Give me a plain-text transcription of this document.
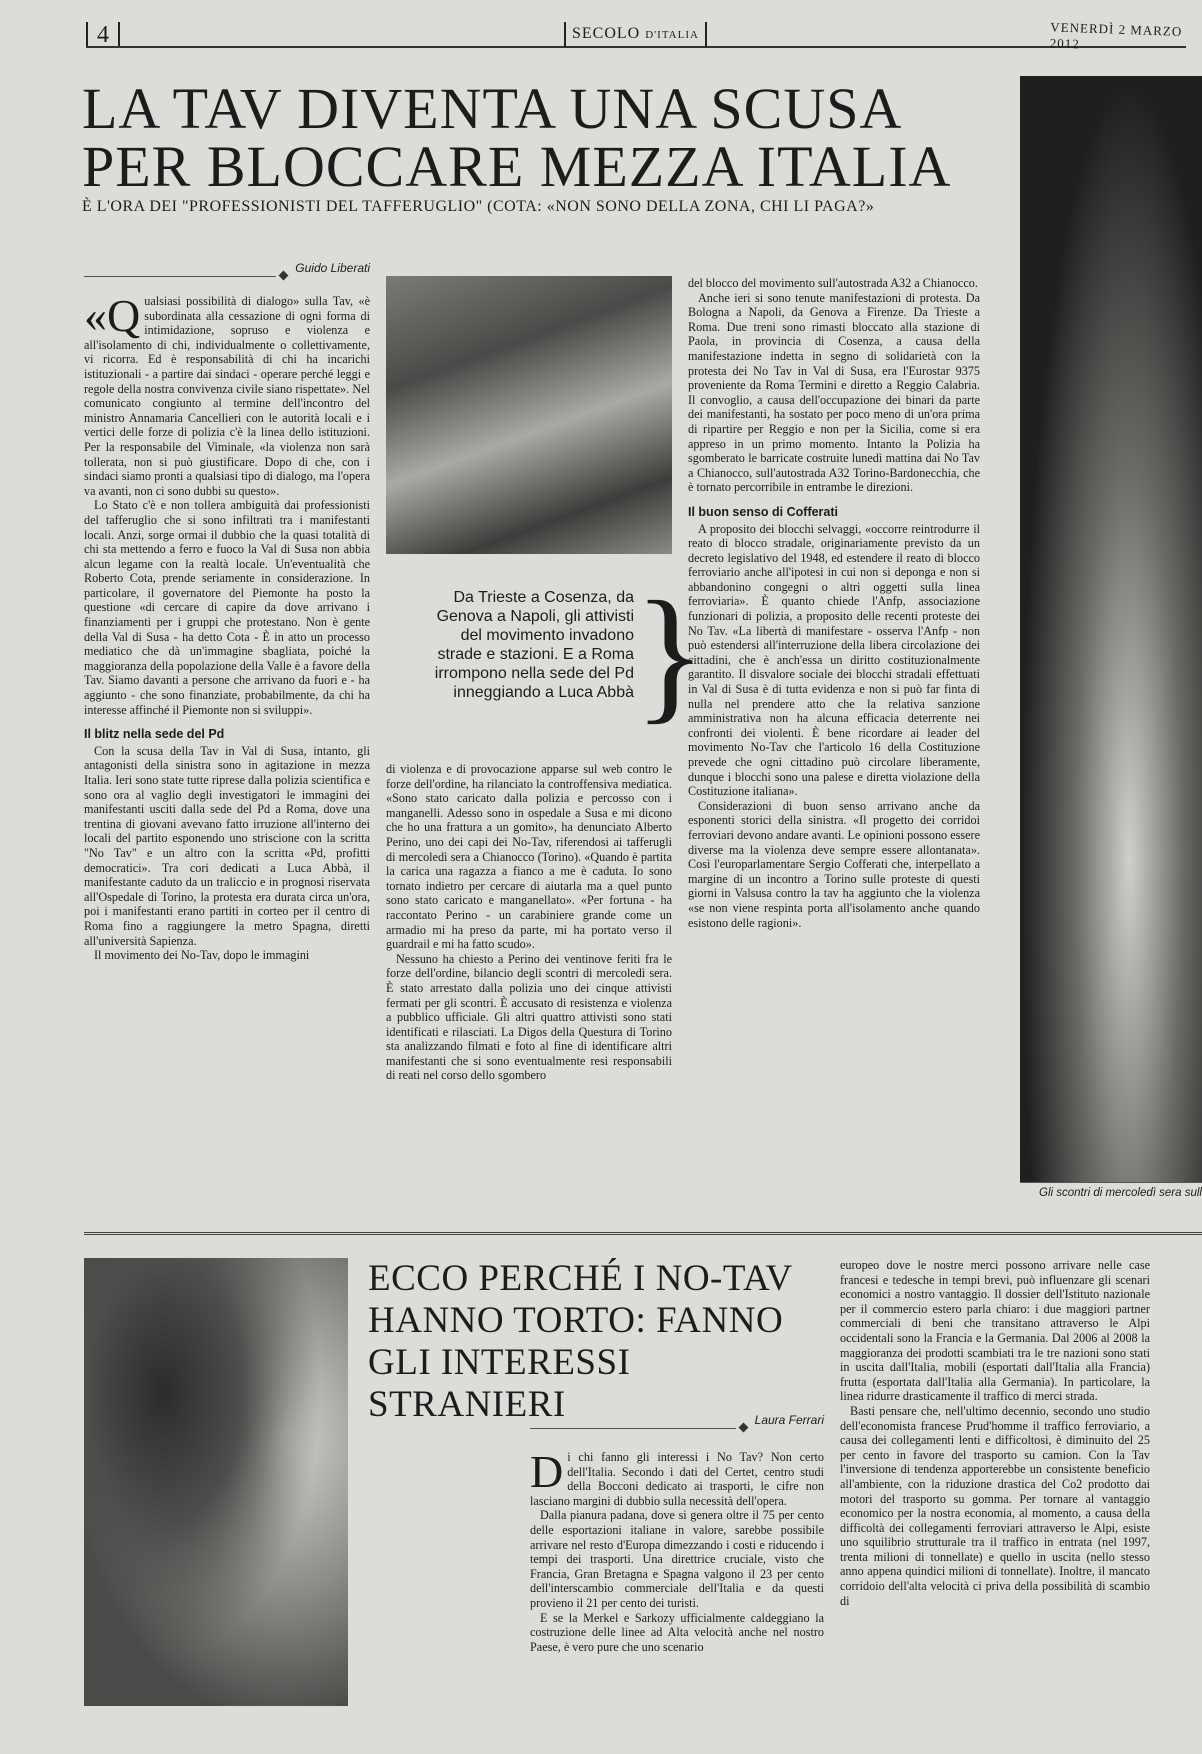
4	SECOLO D'ITALIA	VENERDÌ 2 MARZO 2012
LA TAV DIVENTA UNA SCUSA
PER BLOCCARE MEZZA ITALIA
È L'ORA DEI "PROFESSIONISTI DEL TAFFERUGLIO" (COTA: «NON SONO DELLA ZONA, CHI LI PAGA?»
Gli scontri di mercoledì sera sull
Guido Liberati
«Q ualsiasi possibilità di dialogo» sulla Tav, «è subordinata alla cessazione di ogni forma di intimidazione, sopruso e violenza e all'isolamento di chi, individualmente o collettivamente, vi ricorra. Ed è responsabilità di chi ha incarichi istituzionali - a partire dai sindaci - operare perché leggi e regole della nostra convivenza civile siano rispettate». Nel comunicato congiunto al termine dell'incontro del ministro Annamaria Cancellieri con le autorità locali e i vertici delle forze di polizia c'è la linea dello istituzioni. Per la responsabile del Viminale, «la violenza non sarà tollerata, non si può giustificare. Dopo di che, con i sindaci siamo pronti a qualsiasi tipo di dialogo, ma l'opera va avanti, non ci sono dubbi su questo».

Lo Stato c'è e non tollera ambiguità dai professionisti del tafferuglio che si sono infiltrati tra i manifestanti locali. Anzi, sorge ormai il dubbio che la quasi totalità di chi sta mettendo a ferro e fuoco la Val di Susa non abbia alcun legame con la realtà locale. Un'eventualità che Roberto Cota, prende seriamente in considerazione. In particolare, il governatore del Piemonte ha posto la questione «di cercare di capire da dove arrivano i finanziamenti per i gruppi che protestano. Non è gente della Val di Susa - ha detto Cota - È in atto un processo mediatico che dà un'immagine sbagliata, poiché la maggioranza della popolazione della Valle è a favore della Tav. Siamo davanti a persone che arrivano da fuori e - ha aggiunto - che sono finanziate, probabilmente, da chi ha interesse affinché il Piemonte non si sviluppi».

Il blitz nella sede del Pd

Con la scusa della Tav in Val di Susa, intanto, gli antagonisti della sinistra sono in agitazione in mezza Italia. Ieri sono state tutte riprese dalla polizia scientifica e sono ora al vaglio degli investigatori le immagini dei manifestanti usciti dalla sede del Pd a Roma, dove una trentina di giovani avevano fatto irruzione all'interno dei locali del partito esponendo uno striscione con la scritta "No Tav" e un altro con la scritta «Pd, profitti democratici». Tra cori dedicati a Luca Abbà, il manifestante caduto da un traliccio e in prognosi riservata all'Ospedale di Torino, la protesta era durata circa un'ora, poi i manifestanti erano partiti in corteo per il centro di Roma fino a raggiungere la metro Spagna, diretti all'università Sapienza.

Il movimento dei No-Tav, dopo le immagini

Da Trieste a Cosenza, da Genova a Napoli, gli attivisti del movimento invadono strade e stazioni. E a Roma irrompono nella sede del Pd inneggiando a Luca Abbà }

di violenza e di provocazione apparse sul web contro le forze dell'ordine, ha rilanciato la controffensiva mediatica. «Sono stato caricato dalla polizia e percosso con i manganelli. Adesso sono in ospedale a Susa e mi dicono che ho una frattura a un gomito», ha denunciato Alberto Perino, uno dei capi dei No-Tav, riferendosi ai tafferugli di mercoledì sera a Chianocco (Torino). «Quando è partita la carica una ragazza a fianco a me è caduta. Io sono tornato indietro per cercare di aiutarla ma a quel punto sono stato caricato e manganellato». «Per fortuna - ha raccontato Perino - un carabiniere grande come un armadio mi ha preso da parte, mi ha portato verso il guardrail e mi ha fatto scudo».

Nessuno ha chiesto a Perino dei ventinove feriti fra le forze dell'ordine, bilancio degli scontri di mercoledì sera. È stato arrestato dalla polizia uno dei cinque attivisti fermati per gli scontri. È accusato di resistenza e violenza a pubblico ufficiale. Gli altri quattro attivisti sono stati identificati e rilasciati. La Digos della Questura di Torino sta analizzando filmati e foto al fine di identificare altri manifestanti che si sono eventualmente resi responsabili di reati nel corso dello sgombero

del blocco del movimento sull'autostrada A32 a Chianocco.

Anche ieri si sono tenute manifestazioni di protesta. Da Bologna a Napoli, da Genova a Firenze. Da Trieste a Roma. Due treni sono rimasti bloccato alla stazione di Paola, in provincia di Cosenza, a causa della manifestazione indetta in segno di solidarietà con la protesta dei No Tav in Val di Susa, era l'Eurostar 9375 proveniente da Roma Termini e diretto a Reggio Calabria. Il convoglio, a causa dell'occupazione dei binari da parte dei manifestanti, ha sostato per poco meno di un'ora prima di ripartire per Reggio e non per la Sicilia, come si era appreso in un primo momento. Intanto la Polizia ha sgomberato le barricate costruite lunedì mattina dai No Tav a Chianocco, sull'autostrada A32 Torino-Bardonecchia, che è tornato percorribile in entrambe le direzioni.

Il buon senso di Cofferati

A proposito dei blocchi selvaggi, «occorre reintrodurre il reato di blocco stradale, originariamente previsto da un decreto legislativo del 1948, ed estendere il reato di blocco ferroviario anche all'ipotesi in cui non si deponga e non si abbandonino congegni o altri oggetti sulla linea ferroviaria». È quanto chiede l'Anfp, associazione funzionari di polizia, a proposito delle recenti proteste dei No Tav. «La libertà di manifestare - osserva l'Anfp - non può estendersi all'interruzione della libera circolazione dei cittadini, che è anch'essa un diritto costituzionalmente garantito. Il disvalore sociale dei blocchi stradali effettuati in Val di Susa è di tutta evidenza e non si può far finta di nulla nel prendere atto che la relativa sanzione amministrativa non ha alcuna efficacia deterrente nei confronti dei violenti. È bene ricordare ai leader del movimento No-Tav che l'articolo 16 della Costituzione prevede che ogni cittadino può circolare liberamente, dunque i blocchi sono una palese e diretta violazione della Costituzione italiana».

Considerazioni di buon senso arrivano anche da esponenti storici della sinistra. «Il progetto dei corridoi ferroviari devono andare avanti. Le opinioni possono essere diverse ma la violenza deve sempre essere allontanata». Così l'europarlamentare Sergio Cofferati che, interpellato a margine di un incontro a Torino sulle proteste di questi giorni in Valsusa contro la tav ha aggiunto che la violenza «se non viene respinta porta all'isolamento anche quando esistono delle ragioni».

ECCO PERCHÉ I NO-TAV HANNO TORTO: FANNO GLI INTERESSI STRANIERI	Laura Ferrari
D i chi fanno gli interessi i No Tav? Non certo dell'Italia. Secondo i dati del Certet, centro studi della Bocconi dedicato ai trasporti, le cifre non lasciano margini di dubbio sulla necessità dell'opera.

Dalla pianura padana, dove si genera oltre il 75 per cento delle esportazioni italiane in valore, sarebbe possibile arrivare nel resto d'Europa dimezzando i costi e riducendo i tempi dei trasporti. Una direttrice cruciale, visto che Francia, Gran Bretagna e Spagna valgono il 23 per cento dell'interscambio commerciale dell'Italia e da questi provieno il 21 per cento dei turisti.

E se la Merkel e Sarkozy ufficialmente caldeggiano la costruzione delle linee ad Alta velocità anche nel nostro Paese, è vero pure che uno scenario

europeo dove le nostre merci possono arrivare nelle case francesi e tedesche in tempi brevi, può influenzare gli scenari economici a nostro vantaggio. Il dossier dell'Istituto nazionale per il commercio estero parla chiaro: i due maggiori partner commerciali di beni che transitano attraverso le Alpi occidentali sono la Francia e la Germania. Dal 2006 al 2008 la maggioranza dei prodotti scambiati tra le tre nazioni sono stati in uscita dall'Italia, mobili (esportati dall'Italia alla Francia) frutta (esportata dall'Italia alla Germania). In particolare, la linea ridurre drasticamente il traffico di merci strada.

Basti pensare che, nell'ultimo decennio, secondo uno studio dell'economista francese Prud'homme il traffico ferroviario, a causa dei collegamenti lenti e difficoltosi, è diminuito del 25 per cento in favore del trasporto su camion. Con la Tav l'inversione di tendenza apporterebbe un consistente beneficio all'ambiente, con la riduzione drastica del Co2 prodotto dai motori del trasporto su gomma. Per tornare al vantaggio economico per la nostra economia, al momento, a causa della difficoltà dei collegamenti ferroviari attraverso le Alpi, esiste uno squilibrio strutturale tra il traffico in entrata (nel 1997, trenta milioni di tonnellate) e quello in uscita (nello stesso anno appena quindici milioni di tonnellate). Inoltre, il mancato corridoio dell'alta velocità ci priva della possibilità di scambio di
